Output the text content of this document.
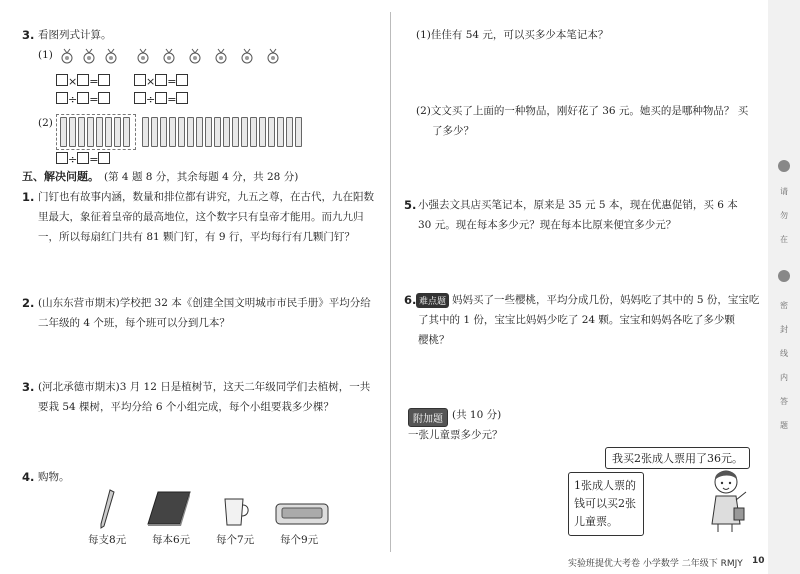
3. 看图列式计算。
(1)
× =
÷ =
× =
÷ =
(2)
÷ =
五、解决问题。 (第 4 题 8 分，其余每题 4 分，共 28 分)
1. 门钉也有故事内涵，数量和排位都有讲究，九五之尊，在古代，九在阳数
里最大，象征着皇帝的最高地位，这个数字只有皇帝才能用。而九九归
一，所以每扇红门共有 81 颗门钉，有 9 行，平均每行有几颗门钉？
2. (山东东营市期末)学校把 32 本《创建全国文明城市市民手册》平均分给
二年级的 4 个班，每个班可以分到几本？
3. (河北承德市期末)3 月 12 日是植树节，这天二年级同学们去植树，一共
要栽 54 棵树，平均分给 6 个小组完成，每个小组要栽多少棵？
4. 购物。
每支8元 每本6元 每个7元 每个9元
(1)佳佳有 54 元，可以买多少本笔记本？
(2)文文买了上面的一种物品，刚好花了 36 元。她买的是哪种物品？ 买
了多少？
5. 小强去文具店买笔记本，原来是 35 元 5 本，现在优惠促销，买 6 本
30 元。现在每本多少元？现在每本比原来便宜多少元？
6. 难点题 妈妈买了一些樱桃，平均分成几份，妈妈吃了其中的 5 份，宝宝吃
了其中的 1 份，宝宝比妈妈少吃了 24 颗。宝宝和妈妈各吃了多少颗
樱桃？
附加题 (共 10 分)
一张儿童票多少元？
我买2张成人票用了36元。
1张成人票的
钱可以买2张
儿童票。
实验班提优大考卷 小学数学 二年级下 RMJY 10
请
勿
在
密
封
线
内
答
题
